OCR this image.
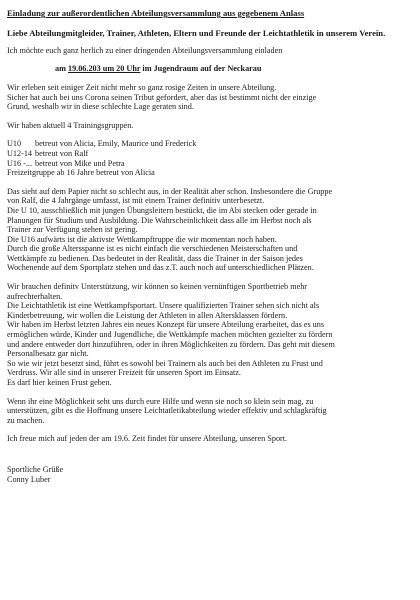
Einladung zur außerordentlichen Abteilungsversammlung aus gegebenem Anlass
Liebe Abteilungmitgleider, Trainer, Athleten, Eltern und Freunde der Leichtathletik in unserem Verein.

Ich möchte euch ganz herlich zu einer dringenden Abteilungsversammlung einladen

am 19.06.203 um 20 Uhr im Jugendraum auf der Neckarau

Wir erleben seit einiger Zeit nicht mehr so ganz rosige Zeiten in unsere Abteilung.
Sicher hat auch bei uns Corona seinen Tribut gefordert, aber das ist bestimmt nicht der einzige
Grund, weshalb wir in diese schlechte Lage geraten sind.

Wir haben aktuell 4 Trainingsgruppen.

U10	betreut von Alicia, Emily, Maurice und Frederick
U12-14 betreut von Ralf
U16 -... betreut von Mike und Petra
Freizeitgruppe ab 16 Jahre betreut von Alicia

Das sieht auf dem Papier nicht so schlecht aus, in der Realität aber schon. Insbesondere die Gruppe
von Ralf, die 4 Jahrgänge umfasst, ist mit einem Trainer definitiv unterbesetzt.
Die U 10, ausschließlich mit jungen Übungsleitern bestückt, die im Abi stecken oder gerade in
Planungen für Studium und Ausbildung. Die Wahrscheinlichkeit dass alle im Herbst noch als
Trainer zur Verfügung stehen ist gering.
Die U16 aufwärts ist die aktivste Wettkampftruppe die wir momentan noch haben.
Durch die große Altersspanne ist es nicht einfach die verschiedenen Meisterschaften und
Wettkämpfe zu bedienen. Das bedeutet in der Realität, dass die Trainer in der Saison jedes
Wochenende auf dem Sportplatz stehen und das z.T. auch noch auf unterschiedlichen Plätzen.

Wir brauchen definitv Unterstützung, wir können so keinen vernünftigen Sportbetrieb mehr
aufrechterhalten.
Die Leichtathletik ist eine Wettkampfsportart. Unsere qualifizierten Trainer sehen sich nicht als
Kinderbetreuung, wir wollen die Leistung der Athleten in allen Altersklassen fördern.
Wir haben im Herbst letzten Jahres ein neues Konzept für unsere Abteilung erarbeitet, das es uns
ermöglichen würde, Kinder und Jugendliche, die Wettkämpfe machen möchten gezielter zu fördern
und andere entweder dort hinzuführen, oder in ihren Möglichkeiten zu fördern. Das geht mit diesem
Personalbesatz gar nicht.
So wie wir jetzt besetzt sind, führt es sowohl bei Trainern als auch bei den Athleten zu Frust und
Verdruss. Wir alle sind in unserer Freizeit für unseren Sport im Einsatz.
Es darf hier keinen Frust geben.

Wenn ihr eine Möglichkeit seht uns durch eure Hilfe und wenn sie noch so klein sein mag, zu
unterstützen, gibt es die Hoffnung unsere Leichtatletikabteilung wieder effektiv und schlagkräftig
zu machen.

Ich freue mich auf jeden der am 19.6. Zeit findet für unsere Abteilung, unseren Sport.

Sportliche Grüße
Conny Luber
